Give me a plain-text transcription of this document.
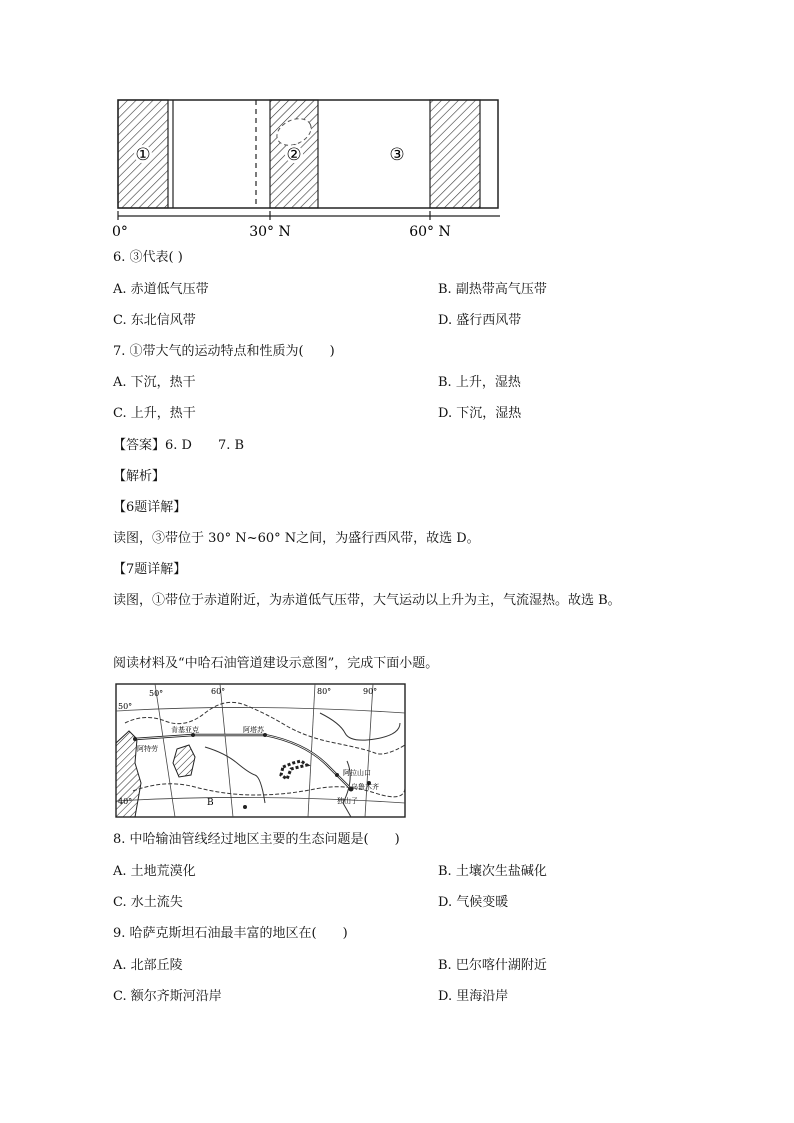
①	②	③
0°	30° N	60° N
6. ③代表( )
A. 赤道低气压带	B. 副热带高气压带
C. 东北信风带	D. 盛行西风带
7. ①带大气的运动特点和性质为(　　)
A. 下沉，热干	B. 上升，湿热
C. 上升，热干	D. 下沉，湿热
【答案】6. D　　7. B
【解析】
【6题详解】
读图，③带位于 30° N~60° N之间，为盛行西风带，故选 D。
【7题详解】
读图，①带位于赤道附近，为赤道低气压带，大气运动以上升为主，气流湿热。故选 B。
阅读材料及“中哈石油管道建设示意图”，完成下面小题。
50°	60°	80°	90°
50°
40°
肯基亚克	阿塔苏
阿特劳
阿拉山口
乌鲁木齐
独山子
B
8. 中哈输油管线经过地区主要的生态问题是(　　)
A. 土地荒漠化	B. 土壤次生盐碱化
C. 水土流失	D. 气候变暖
9. 哈萨克斯坦石油最丰富的地区在(　　)
A. 北部丘陵	B. 巴尔喀什湖附近
C. 额尔齐斯河沿岸	D. 里海沿岸
